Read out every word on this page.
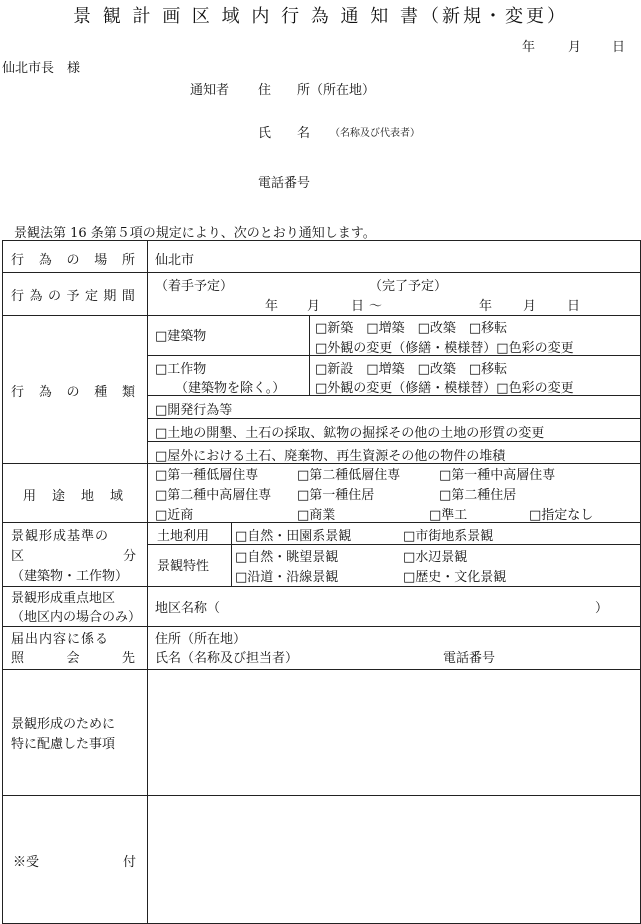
景 観 計 画 区 域 内 行 為 通 知 書（新規・変更）
年	月 日
仙北市長　様
通知者 住　　所（所在地）
氏　　名 （名称及び代表者）
電話番号
景観法第 16 条第５項の規定により、次のとおり通知します。
行 為 の 場 所 仙北市
行 為 の 予 定 期 間
（着手予定）	（完了予定）
年 月 日 ～	年 月 日
行 為 の 種 類
□建築物
□新築　□増築　□改築　□移転
□外観の変更（修繕・模様替）□色彩の変更
□工作物
（建築物を除く。）
□新設　□増築　□改築　□移転
□外観の変更（修繕・模様替）□色彩の変更
□開発行為等
□土地の開墾、土石の採取、鉱物の掘採その他の土地の形質の変更
□屋外における土石、廃棄物、再生資源その他の物件の堆積
用 途 地 域
□第一種低層住専	□第二種低層住専	□第一種中高層住専
□第二種中高層住専 □第一種住居	□第二種住居
□近商	□商業	□準工	□指定なし
景観形成基準の
区	分
（建築物・工作物）
土地利用 □自然・田園系景観	□市街地系景観
景観特性
□自然・眺望景観	□水辺景観
□沿道・沿線景観	□歴史・文化景観
景観形成重点地区
（地区内の場合のみ）
地区名称（	）
届出内容に係る
照	会	先
住所（所在地）
氏名（名称及び担当者）	電話番号
景観形成のために
特に配慮した事項
※受	付
